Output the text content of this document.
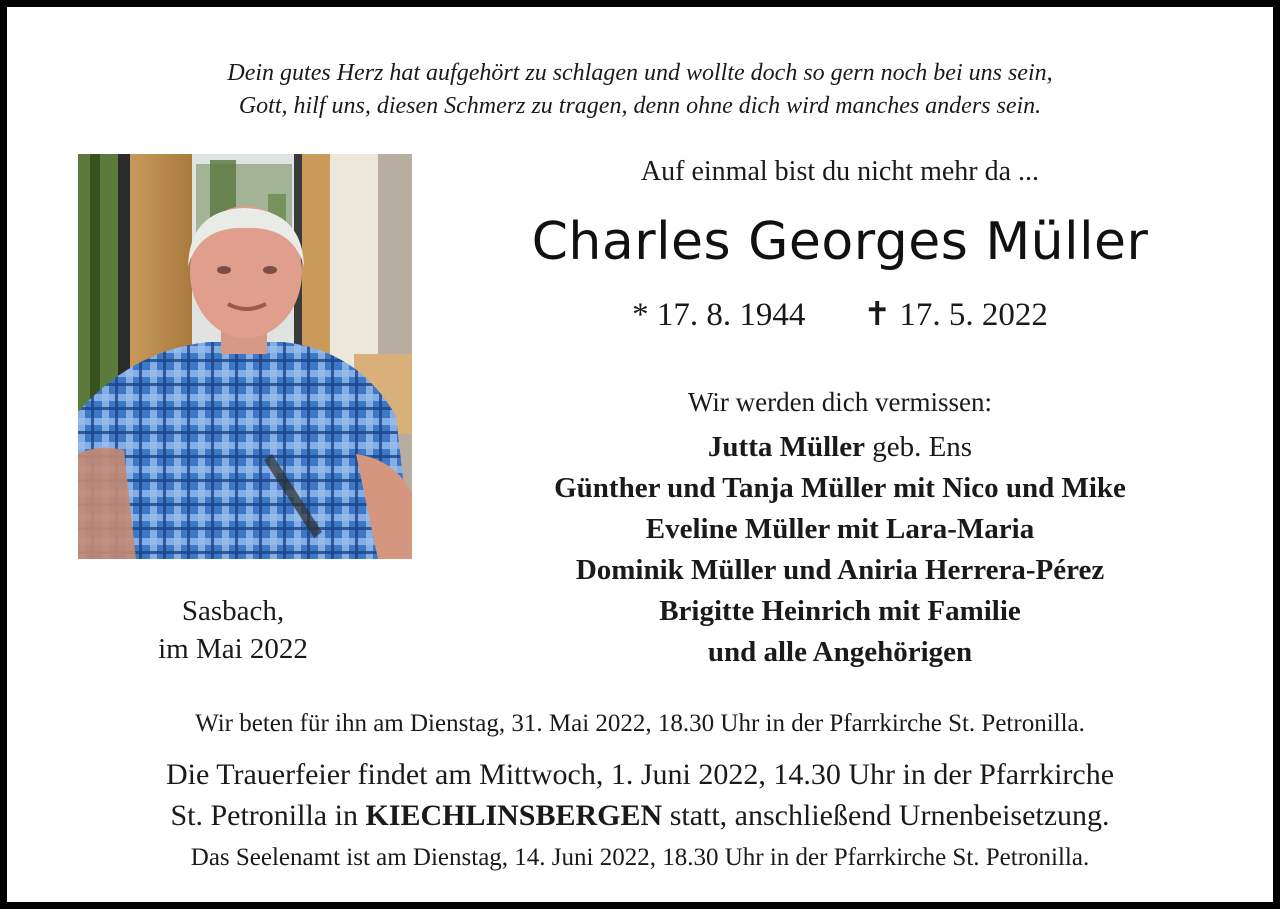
Dein gutes Herz hat aufgehört zu schlagen und wollte doch so gern noch bei uns sein,
Gott, hilf uns, diesen Schmerz zu tragen, denn ohne dich wird manches anders sein.
Sasbach,
im Mai 2022
Auf einmal bist du nicht mehr da ...
Charles Georges Müller
* 17. 8. 1944 ✝ 17. 5. 2022
Wir werden dich vermissen:
Jutta Müller geb. Ens
Günther und Tanja Müller mit Nico und Mike
Eveline Müller mit Lara-Maria
Dominik Müller und Aniria Herrera-Pérez
Brigitte Heinrich mit Familie
und alle Angehörigen
Wir beten für ihn am Dienstag, 31. Mai 2022, 18.30 Uhr in der Pfarrkirche St. Petronilla.
Die Trauerfeier findet am Mittwoch, 1. Juni 2022, 14.30 Uhr in der Pfarrkirche
St. Petronilla in KIECHLINSBERGEN statt, anschließend Urnenbeisetzung.
Das Seelenamt ist am Dienstag, 14. Juni 2022, 18.30 Uhr in der Pfarrkirche St. Petronilla.
